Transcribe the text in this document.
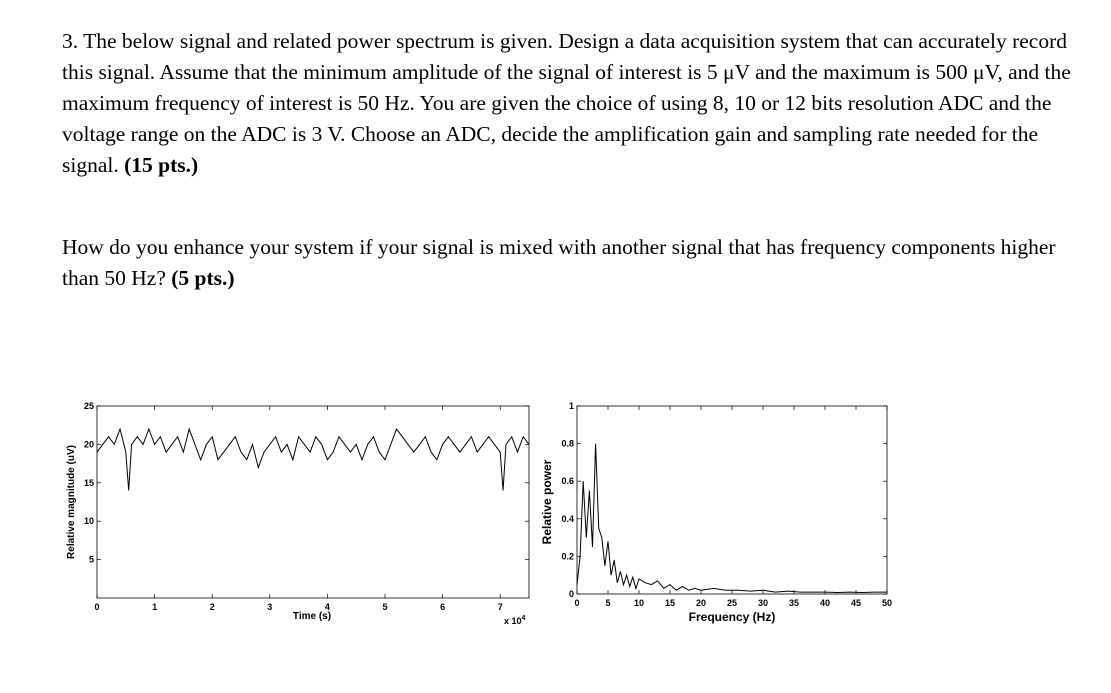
3. The below signal and related power spectrum is given. Design a data acquisition system that can accurately record this signal. Assume that the minimum amplitude of the signal of interest is 5 μV and the maximum is 500 μV, and the maximum frequency of interest is 50 Hz. You are given the choice of using 8, 10 or 12 bits resolution ADC and the voltage range on the ADC is 3 V. Choose an ADC, decide the amplification gain and sampling rate needed for the signal. (15 pts.)
How do you enhance your system if your signal is mixed with another signal that has frequency components higher than 50 Hz? (5 pts.)
0	1	2	3	4	5	6	7
5
10
15
20
25
Time (s)
Relative magnitude (uV)
x $10^4$
0	5	10 15 20 25 30 35 40 45 50
0
0.2
0.4
0.6
0.8
1
Frequency (Hz)
Relative power
